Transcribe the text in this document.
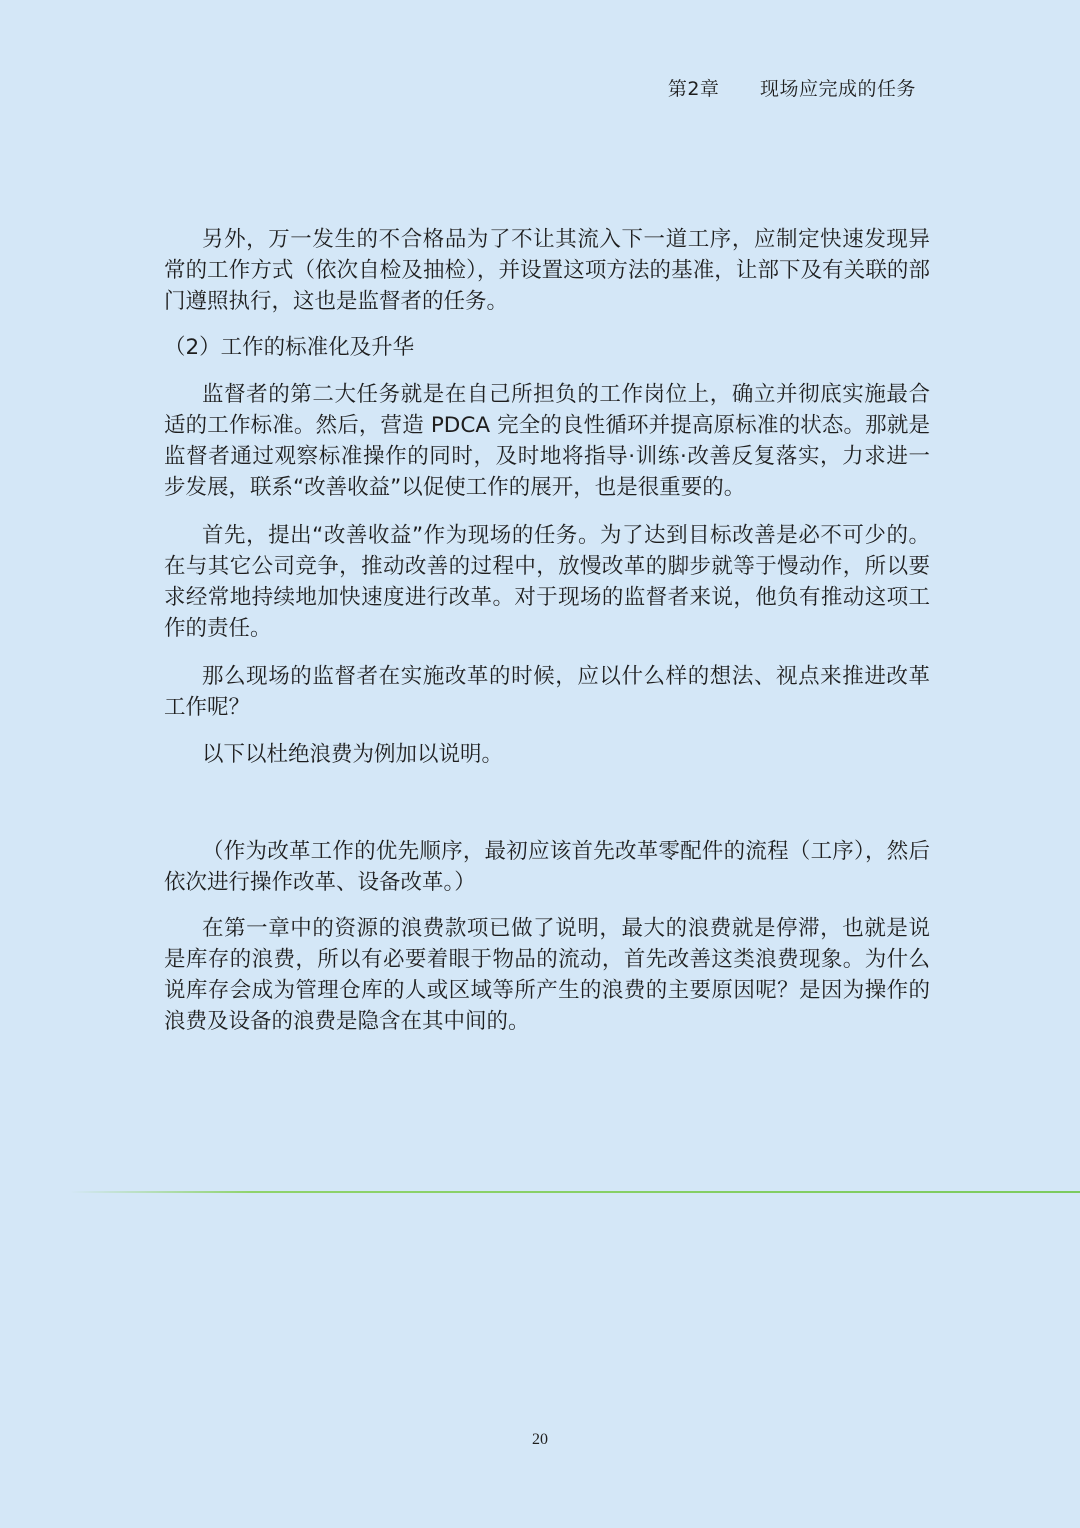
第2章 现场应完成的任务

另外，万一发生的不合格品为了不让其流入下一道工序，应制定快速发现异常的工作方式（依次自检及抽检），并设置这项方法的基准，让部下及有关联的部门遵照执行，这也是监督者的任务。

（2）工作的标准化及升华

监督者的第二大任务就是在自己所担负的工作岗位上，确立并彻底实施最合适的工作标准。然后，营造 PDCA 完全的良性循环并提高原标准的状态。那就是监督者通过观察标准操作的同时，及时地将指导·训练·改善反复落实，力求进一步发展，联系“改善收益”以促使工作的展开，也是很重要的。

首先，提出“改善收益”作为现场的任务。为了达到目标改善是必不可少的。在与其它公司竞争，推动改善的过程中，放慢改革的脚步就等于慢动作，所以要求经常地持续地加快速度进行改革。对于现场的监督者来说，他负有推动这项工作的责任。

那么现场的监督者在实施改革的时候，应以什么样的想法、视点来推进改革工作呢？

以下以杜绝浪费为例加以说明。

（作为改革工作的优先顺序，最初应该首先改革零配件的流程（工序），然后依次进行操作改革、设备改革。）

在第一章中的资源的浪费款项已做了说明，最大的浪费就是停滞，也就是说是库存的浪费，所以有必要着眼于物品的流动，首先改善这类浪费现象。为什么说库存会成为管理仓库的人或区域等所产生的浪费的主要原因呢？是因为操作的浪费及设备的浪费是隐含在其中间的。

20
